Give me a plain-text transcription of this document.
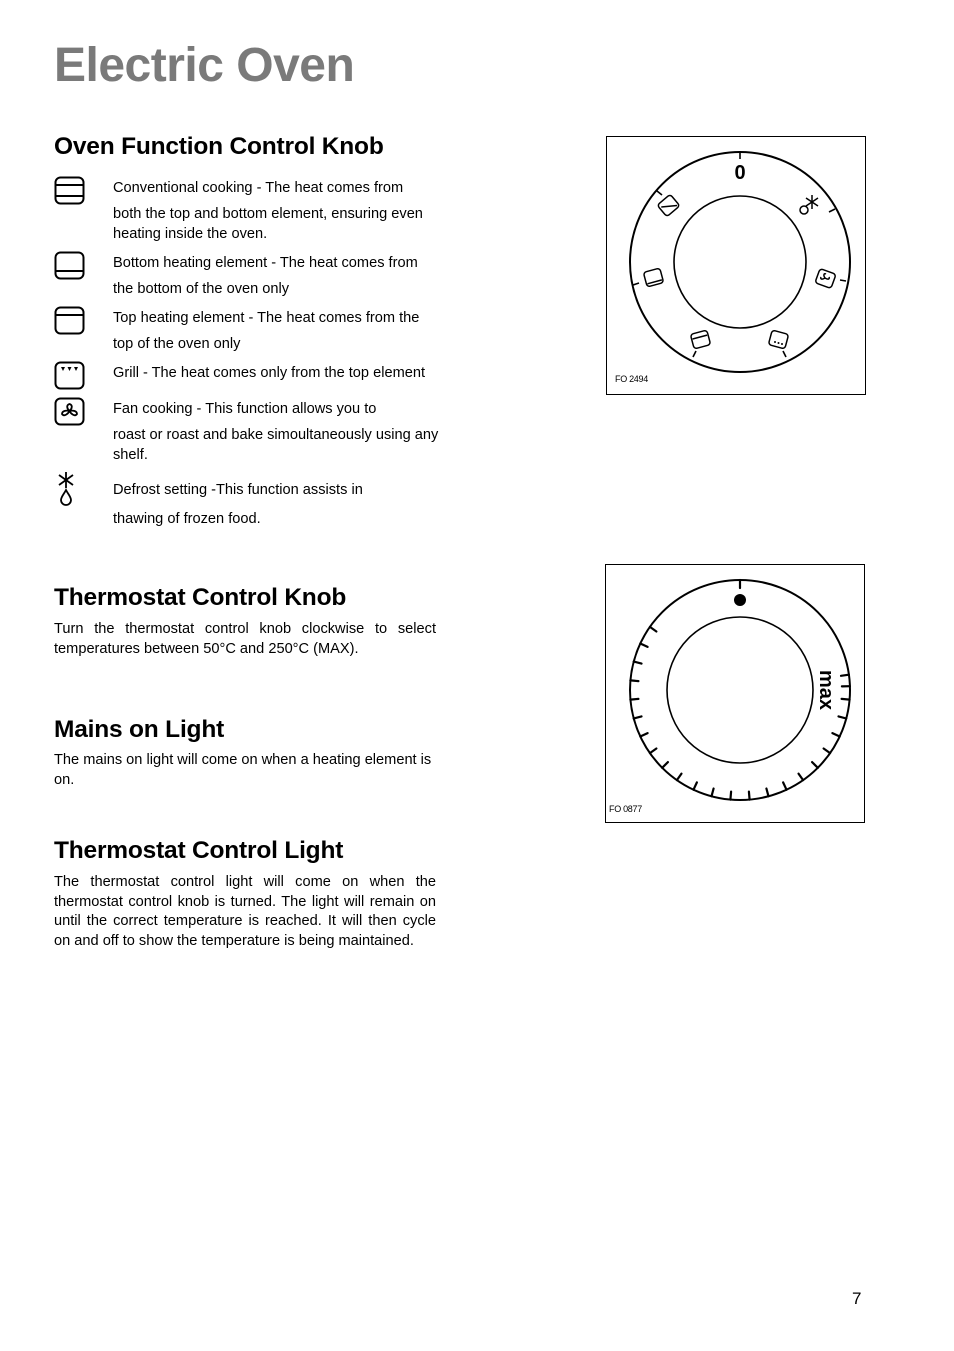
Electric Oven
Oven Function Control Knob
Conventional cooking - The heat comes from
both the top and bottom element, ensuring even heating inside the oven.
Bottom heating element - The heat comes from
the bottom of the oven only
Top heating element - The heat comes from the
top of the oven only
Grill - The heat comes only from the top element
Fan cooking - This function allows you to
roast or roast and bake simoultaneously using any shelf.
Defrost setting -This function assists in
thawing of frozen food.
0
FO 2494
Thermostat Control Knob

Turn the thermostat control knob clockwise to select temperatures between 50°C and 250°C (MAX).

max
FO 0877
Mains on Light

The mains on light will come on when a heating element is on.

Thermostat Control Light

The thermostat control light will come on when the thermostat control knob is turned. The light will remain on until the correct temperature is reached. It will then cycle on and off to show the temperature is being maintained.

7
